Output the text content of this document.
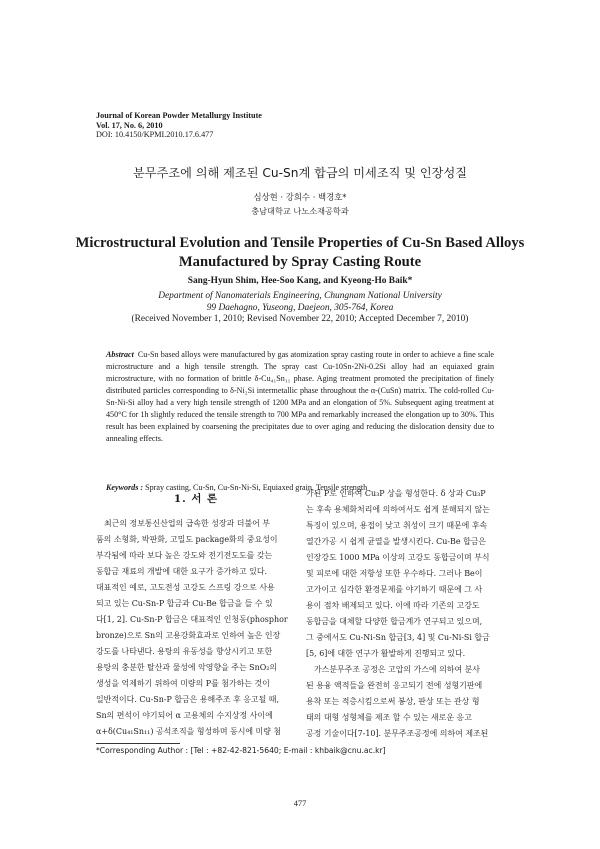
Journal of Korean Powder Metallurgy Institute
Vol. 17, No. 6, 2010
DOI: 10.4150/KPMI.2010.17.6.477
분무주조에 의해 제조된 Cu-Sn계 합금의 미세조직 및 인장성질
심상현 · 강희수 · 백경호*
충남대학교 나노소재공학과
Microstructural Evolution and Tensile Properties of Cu-Sn Based Alloys
Manufactured by Spray Casting Route
Sang-Hyun Shim, Hee-Soo Kang, and Kyeong-Ho Baik*
Department of Nanomaterials Engineering, Chungnam National University
99 Daehagno, Yuseong, Daejeon, 305-764, Korea
(Received November 1, 2010; Revised November 22, 2010; Accepted December 7, 2010)
Abstract Cu-Sn based alloys were manufactured by gas atomization spray casting route in order to achieve a fine scale microstructure and a high tensile strength. The spray cast Cu-10Sn-2Ni-0.2Si alloy had an equiaxed grain microstructure, with no formation of brittle δ-Cu₄₁Sn₁₁ phase. Aging treatment promoted the precipitation of finely distributed particles corresponding to δ-Ni₂Si intermetallic phase throughout the α-(CuSn) matrix. The cold-rolled Cu-Sn-Ni-Si alloy had a very high tensile strength of 1200 MPa and an elongation of 5%. Subsequent aging treatment at 450°C for 1h slightly reduced the tensile strength to 700 MPa and remarkably increased the elongation up to 30%. This result has been explained by coarsening the precipitates due to over aging and reducing the dislocation density due to annealing effects.
Keywords : Spray casting, Cu-Sn, Cu-Sn-Ni-Si, Equiaxed grain, Tensile strength
1. 서 론
최근의 정보통신산업의 급속한 성장과 더불어 부
품의 소형화, 박판화, 고밀도 package화의 중요성이
부각됨에 따라 보다 높은 강도와 전기전도도를 갖는
동합금 재료의 개발에 대한 요구가 증가하고 있다.
대표적인 예로, 고도전성 고강도 스프링 강으로 사용
되고 있는 Cu-Sn-P 합금과 Cu-Be 합금을 들 수 있
다[1, 2]. Cu-Sn-P 합금은 대표적인 인청동(phosphor
bronze)으로 Sn의 고용강화효과로 인하여 높은 인장
강도를 나타낸다. 용탕의 유동성을 향상시키고 또한
용탕의 충분한 탈산과 물성에 악영향을 주는 SnO₂의
생성을 억제하기 위하여 미량의 P를 첨가하는 것이
일반적이다. Cu-Sn-P 합금은 용해주조 후 응고될 때,
Sn의 편석이 야기되어 α 고용체의 수지상정 사이에
α+δ(Cu₄₁Sn₁₁) 공석조직을 형성하며 동시에 미량 첨
가된 P로 인하여 Cu₃P 상을 형성한다. δ 상과 Cu₃P
는 후속 용체화처리에 의하여서도 쉽게 분해되지 않는
특징이 있으며, 용접이 낮고 취성이 크기 때문에 후속
열간가공 시 쉽게 균열을 발생시킨다. Cu-Be 합금은
인장강도 1000 MPa 이상의 고강도 동합금이며 부식
및 피로에 대한 저항성 또한 우수하다. 그러나 Be이
고가이고 심각한 환경문제를 야기하기 때문에 그 사
용이 점차 배제되고 있다. 이에 따라 기존의 고강도
동합금을 대체할 다양한 합금계가 연구되고 있으며,
그 중에서도 Cu-Ni-Sn 합금[3, 4] 및 Cu-Ni-Si 합금
[5, 6]에 대한 연구가 활발하게 진행되고 있다.
가스분무주조 공정은 고압의 가스에 의하여 분사
된 용융 액적들을 완전히 응고되기 전에 성형기판에
용착 또는 적층시킴으로써 봉상, 판상 또는 관상 형
태의 대형 성형체를 제조 할 수 있는 새로운 응고
공정 기술이다[7-10]. 분무주조공정에 의하여 제조된
*Corresponding Author : [Tel : +82-42-821-5640; E-mail : khbaik@cnu.ac.kr]
477
